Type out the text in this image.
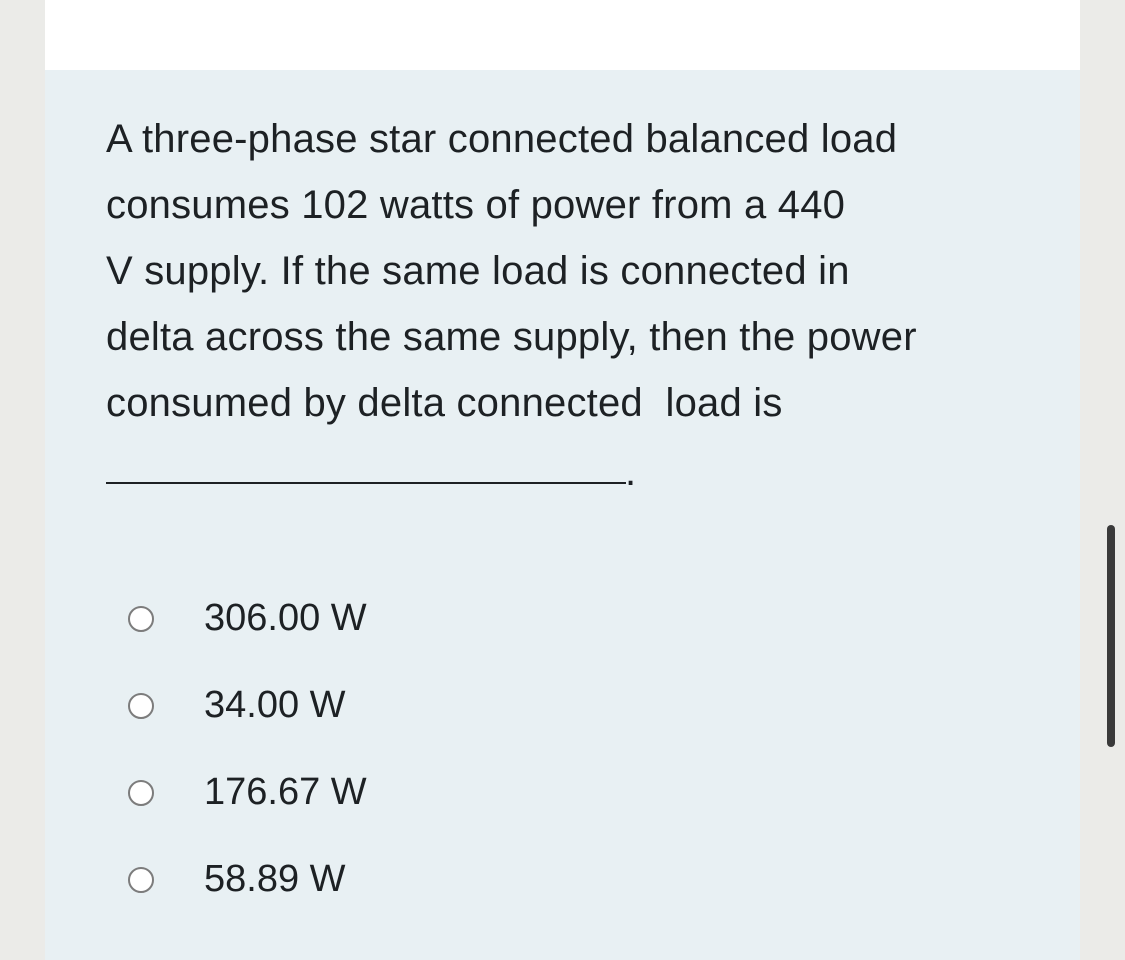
A three-phase star connected balanced load
consumes 102 watts of power from a 440
V supply. If the same load is connected in
delta across the same supply, then the power
consumed by delta connected  load is

.
306.00 W
34.00 W
176.67 W
58.89 W
